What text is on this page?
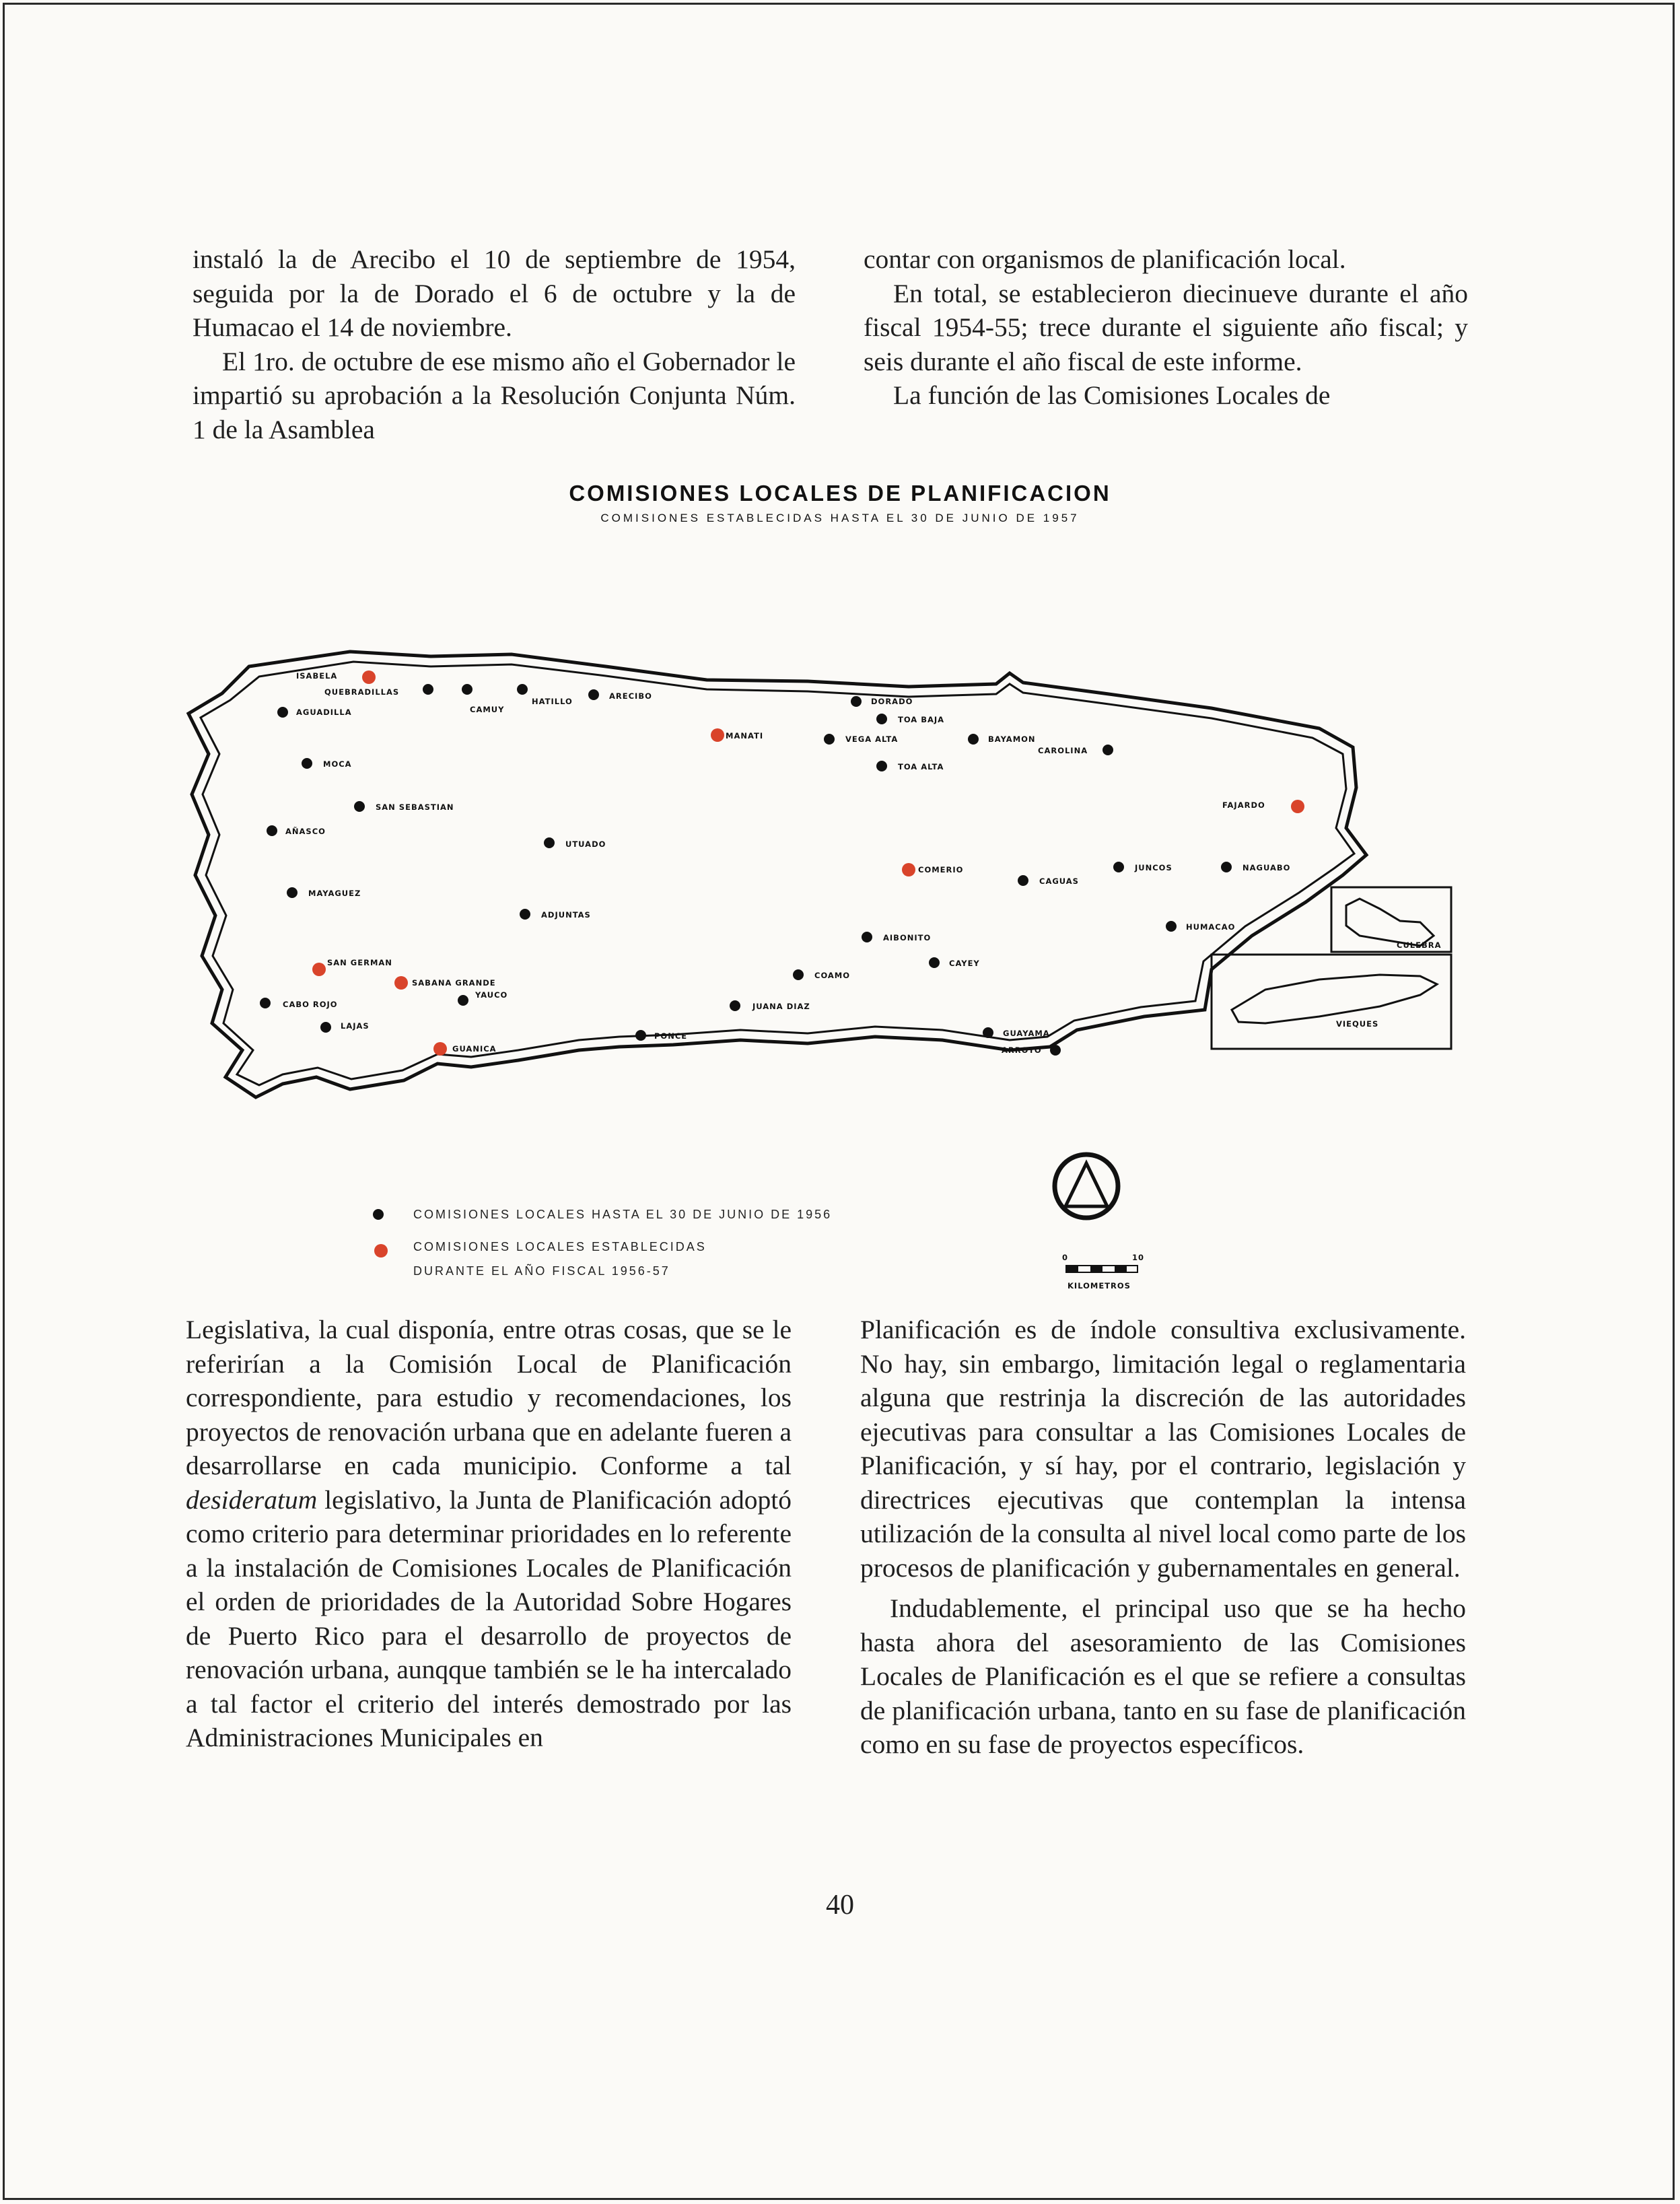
instaló la de Arecibo el 10 de septiembre de 1954, seguida por la de Dorado el 6 de octubre y la de Humacao el 14 de noviembre.

El 1ro. de octubre de ese mismo año el Gobernador le impartió su aprobación a la Resolución Conjunta Núm. 1 de la Asamblea

contar con organismos de planificación local.

En total, se establecieron diecinueve durante el año fiscal 1954-55; trece durante el siguiente año fiscal; y seis durante el año fiscal de este informe.

La función de las Comisiones Locales de

COMISIONES LOCALES DE PLANIFICACION
COMISIONES ESTABLECIDAS HASTA EL 30 DE JUNIO DE 1957
CULEBRA
VIEQUES
ISABELA
QUEBRADILLAS
AGUADILLA	CAMUY
HATILLO
ARECIBO
MOCA
SAN SEBASTIAN
AÑASCO
UTUADO
MAYAGUEZ
ADJUNTAS
SAN GERMAN
SABANA GRANDE
YAUCO
CABO ROJO
LAJAS
GUANICA
PONCE
MANATI
DORADO
TOA BAJA
VEGA ALTA	BAYAMON
TOA ALTA
CAROLINA
FAJARDO
COMERIO
CAGUAS
JUNCOS	NAGUABO
HUMACAO
AIBONITO
CAYEY
COAMO
JUANA DIAZ
GUAYAMA
ARROYO
COMISIONES LOCALES HASTA EL 30 DE JUNIO DE 1956
COMISIONES LOCALES ESTABLECIDAS
DURANTE EL AÑO FISCAL 1956-57
0	10
KILOMETROS

Legislativa, la cual disponía, entre otras cosas, que se le referirían a la Comisión Local de Planificación correspondiente, para estudio y recomendaciones, los proyectos de renovación urbana que en adelante fueren a desarrollarse en cada municipio. Conforme a tal desideratum legislativo, la Junta de Planificación adoptó como criterio para determinar prioridades en lo referente a la instalación de Comisiones Locales de Planificación el orden de prioridades de la Autoridad Sobre Hogares de Puerto Rico para el desarrollo de proyectos de renovación urbana, aunqque también se le ha intercalado a tal factor el criterio del interés demostrado por las Administraciones Municipales en

Planificación es de índole consultiva exclusivamente. No hay, sin embargo, limitación legal o reglamentaria alguna que restrinja la discreción de las autoridades ejecutivas para consultar a las Comisiones Locales de Planificación, y sí hay, por el contrario, legislación y directrices ejecutivas que contemplan la intensa utilización de la consulta al nivel local como parte de los procesos de planificación y gubernamentales en general.

Indudablemente, el principal uso que se ha hecho hasta ahora del asesoramiento de las Comisiones Locales de Planificación es el que se refiere a consultas de planificación urbana, tanto en su fase de planificación como en su fase de proyectos específicos.

40
